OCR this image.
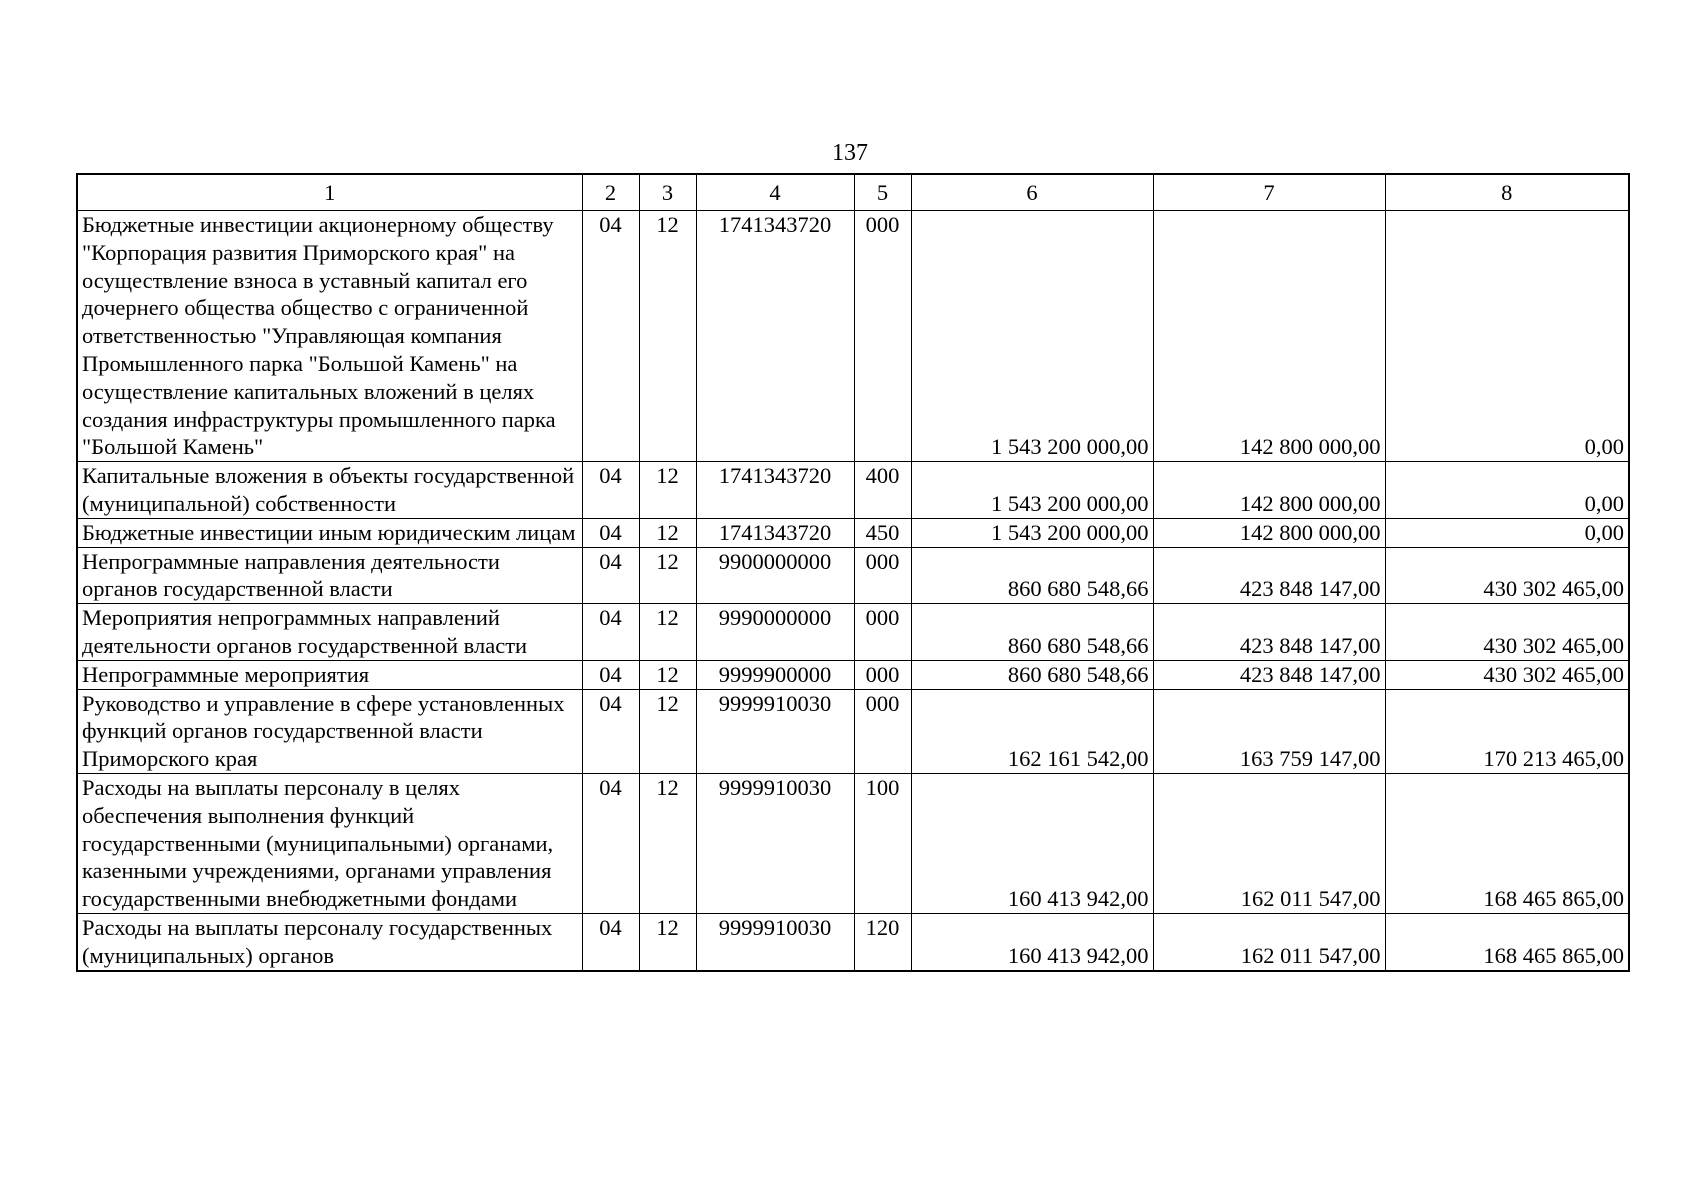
137
1	2	3	4	5	6	7	8
Бюджетные инвестиции акционерному обществу "Корпорация развития Приморского края" на осуществление взноса в уставный капитал его дочернего общества общество с ограниченной ответственностью "Управляющая компания Промышленного парка "Большой Камень" на осуществление капитальных вложений в целях создания инфраструктуры промышленного парка "Большой Камень"	04	12	1741343720	000	1 543 200 000,00	142 800 000,00	0,00
Капитальные вложения в объекты государственной (муниципальной) собственности	04	12	1741343720	400	1 543 200 000,00	142 800 000,00	0,00
Бюджетные инвестиции иным юридическим лицам	04	12	1741343720	450	1 543 200 000,00	142 800 000,00	0,00
Непрограммные направления деятельности органов государственной власти	04	12	9900000000	000	860 680 548,66	423 848 147,00	430 302 465,00
Мероприятия непрограммных направлений деятельности органов государственной власти	04	12	9990000000	000	860 680 548,66	423 848 147,00	430 302 465,00
Непрограммные мероприятия	04	12	9999900000	000	860 680 548,66	423 848 147,00	430 302 465,00
Руководство и управление в сфере установленных функций органов государственной власти Приморского края	04	12	9999910030	000	162 161 542,00	163 759 147,00	170 213 465,00
Расходы на выплаты персоналу в целях обеспечения выполнения функций государственными (муниципальными) органами, казенными учреждениями, органами управления государственными внебюджетными фондами	04	12	9999910030	100	160 413 942,00	162 011 547,00	168 465 865,00
Расходы на выплаты персоналу государственных (муниципальных) органов	04	12	9999910030	120	160 413 942,00	162 011 547,00	168 465 865,00
